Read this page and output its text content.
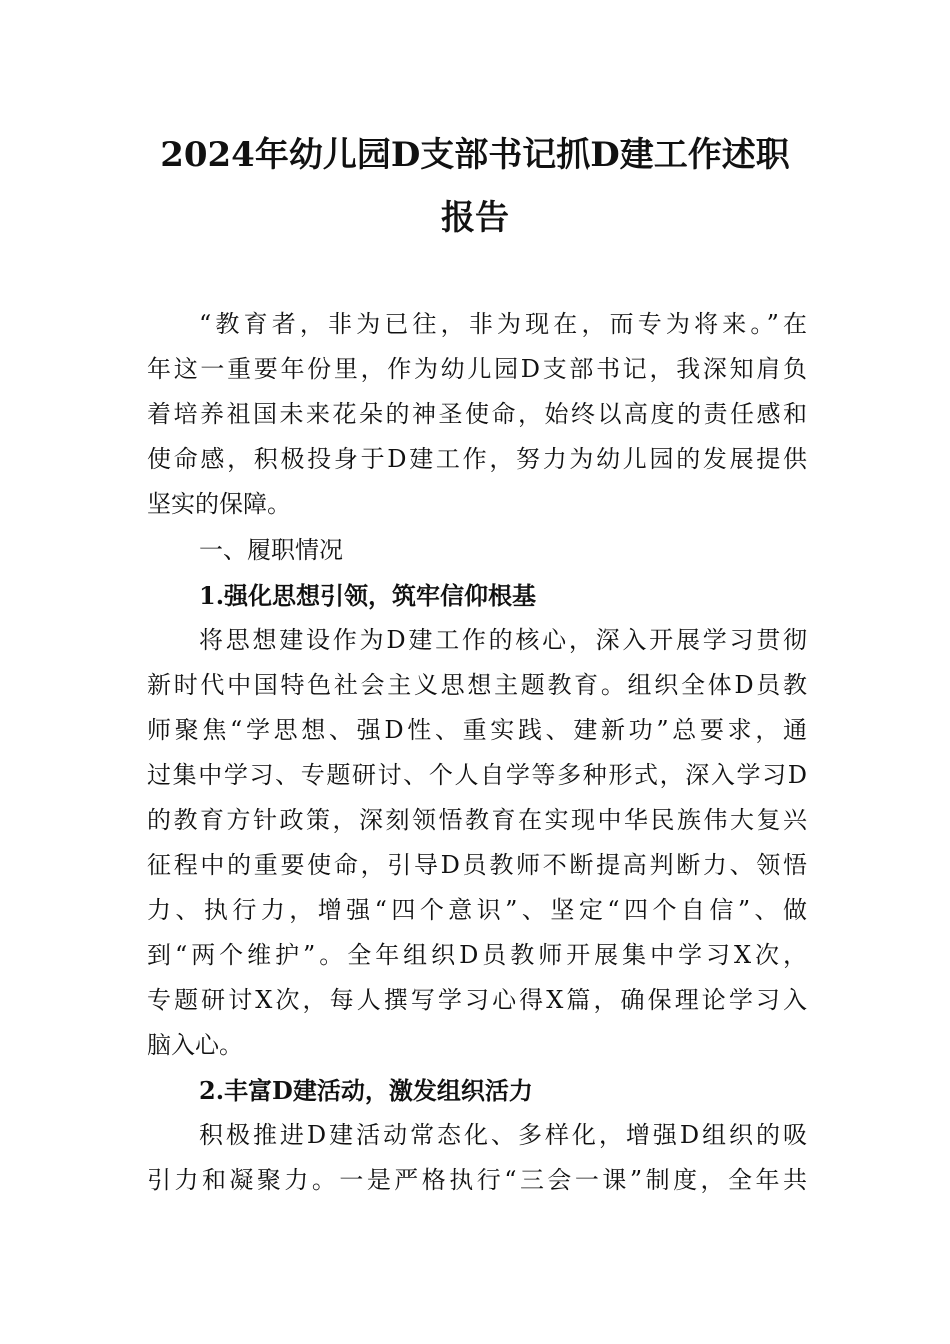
2024年幼儿园D支部书记抓D建工作述职
报告
“教育者，非为已往，非为现在，而专为将来。”在
年这一重要年份里，作为幼儿园D支部书记，我深知肩负
着培养祖国未来花朵的神圣使命，始终以高度的责任感和
使命感，积极投身于D建工作，努力为幼儿园的发展提供
坚实的保障。
一、履职情况
1.强化思想引领，筑牢信仰根基
将思想建设作为D建工作的核心，深入开展学习贯彻
新时代中国特色社会主义思想主题教育。组织全体D员教
师聚焦“学思想、强D性、重实践、建新功”总要求，通
过集中学习、专题研讨、个人自学等多种形式，深入学习D
的教育方针政策，深刻领悟教育在实现中华民族伟大复兴
征程中的重要使命，引导D员教师不断提高判断力、领悟
力、执行力，增强“四个意识”、坚定“四个自信”、做
到“两个维护”。全年组织D员教师开展集中学习X次，
专题研讨X次，每人撰写学习心得X篇，确保理论学习入
脑入心。
2.丰富D建活动，激发组织活力
积极推进D建活动常态化、多样化，增强D组织的吸
引力和凝聚力。一是严格执行“三会一课”制度，全年共
